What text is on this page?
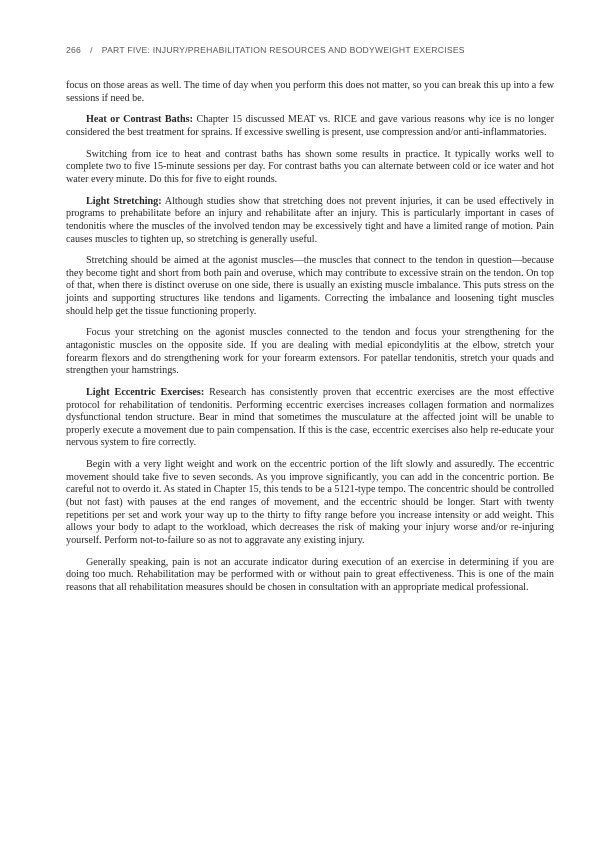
266 / PART FIVE: INJURY/PREHABILITATION RESOURCES AND BODYWEIGHT EXERCISES

focus on those areas as well. The time of day when you perform this does not matter, so you can break this up into a few sessions if need be.

Heat or Contrast Baths: Chapter 15 discussed MEAT vs. RICE and gave various reasons why ice is no longer considered the best treatment for sprains. If excessive swelling is present, use compression and/or anti-inflammatories.

Switching from ice to heat and contrast baths has shown some results in practice. It typically works well to complete two to five 15-minute sessions per day. For contrast baths you can alternate between cold or ice water and hot water every minute. Do this for five to eight rounds.

Light Stretching: Although studies show that stretching does not prevent injuries, it can be used effectively in programs to prehabilitate before an injury and rehabilitate after an injury. This is particularly important in cases of tendonitis where the muscles of the involved tendon may be excessively tight and have a limited range of motion. Pain causes muscles to tighten up, so stretching is generally useful.

Stretching should be aimed at the agonist muscles—the muscles that connect to the tendon in question—because they become tight and short from both pain and overuse, which may contribute to excessive strain on the tendon. On top of that, when there is distinct overuse on one side, there is usually an existing muscle imbalance. This puts stress on the joints and supporting structures like tendons and ligaments. Correcting the imbalance and loosening tight muscles should help get the tissue functioning properly.

Focus your stretching on the agonist muscles connected to the tendon and focus your strengthening for the antagonistic muscles on the opposite side. If you are dealing with medial epicondylitis at the elbow, stretch your forearm flexors and do strengthening work for your forearm extensors. For patellar tendonitis, stretch your quads and strengthen your hamstrings.

Light Eccentric Exercises: Research has consistently proven that eccentric exercises are the most effective protocol for rehabilitation of tendonitis. Performing eccentric exercises increases collagen formation and normalizes dysfunctional tendon structure. Bear in mind that sometimes the musculature at the affected joint will be unable to properly execute a movement due to pain compensation. If this is the case, eccentric exercises also help re-educate your nervous system to fire correctly.

Begin with a very light weight and work on the eccentric portion of the lift slowly and assuredly. The eccentric movement should take five to seven seconds. As you improve significantly, you can add in the concentric portion. Be careful not to overdo it. As stated in Chapter 15, this tends to be a 5121-type tempo. The concentric should be controlled (but not fast) with pauses at the end ranges of movement, and the eccentric should be longer. Start with twenty repetitions per set and work your way up to the thirty to fifty range before you increase intensity or add weight. This allows your body to adapt to the workload, which decreases the risk of making your injury worse and/or re-injuring yourself. Perform not-to-failure so as not to aggravate any existing injury.

Generally speaking, pain is not an accurate indicator during execution of an exercise in determining if you are doing too much. Rehabilitation may be performed with or without pain to great effectiveness. This is one of the main reasons that all rehabilitation measures should be chosen in consultation with an appropriate medical professional.
